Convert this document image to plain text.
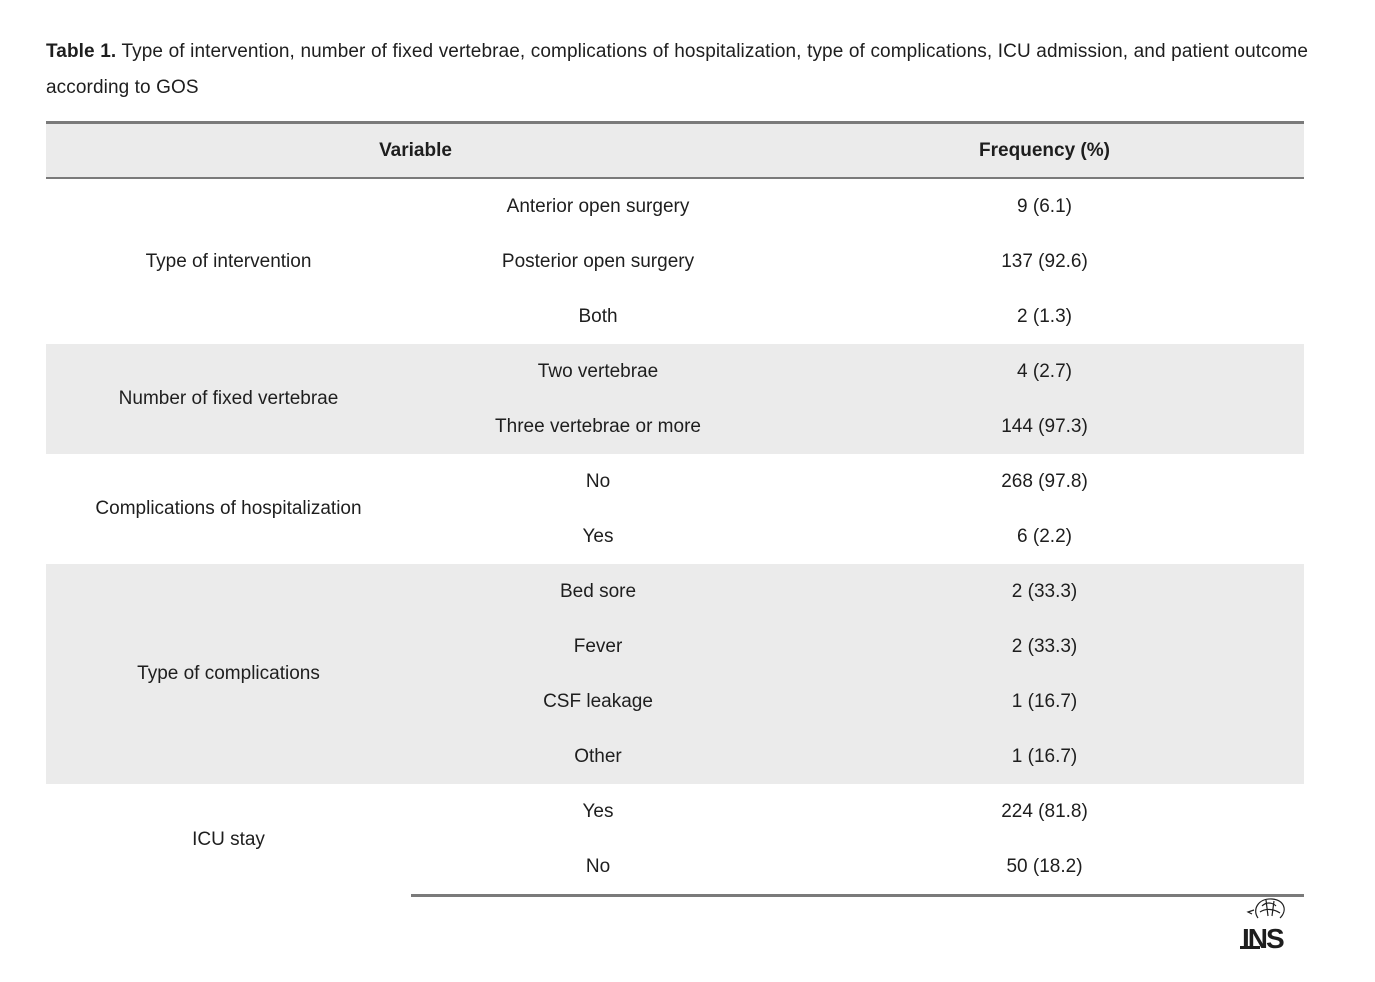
Table 1. Type of intervention, number of fixed vertebrae, complications of hospitalization, type of complications, ICU admission, and patient outcome according to GOS
Variable		Frequency (%)
Type of intervention	Anterior open surgery	9 (6.1)
	Posterior open surgery	137 (92.6)
	Both	2 (1.3)
Number of fixed vertebrae	Two vertebrae	4 (2.7)
	Three vertebrae or more	144 (97.3)
Complications of hospitalization	No	268 (97.8)
	Yes	6 (2.2)
Type of complications	Bed sore	2 (33.3)
	Fever	2 (33.3)
	CSF leakage	1 (16.7)
	Other	1 (16.7)
ICU stay	Yes	224 (81.8)
	No	50 (18.2)
INS
